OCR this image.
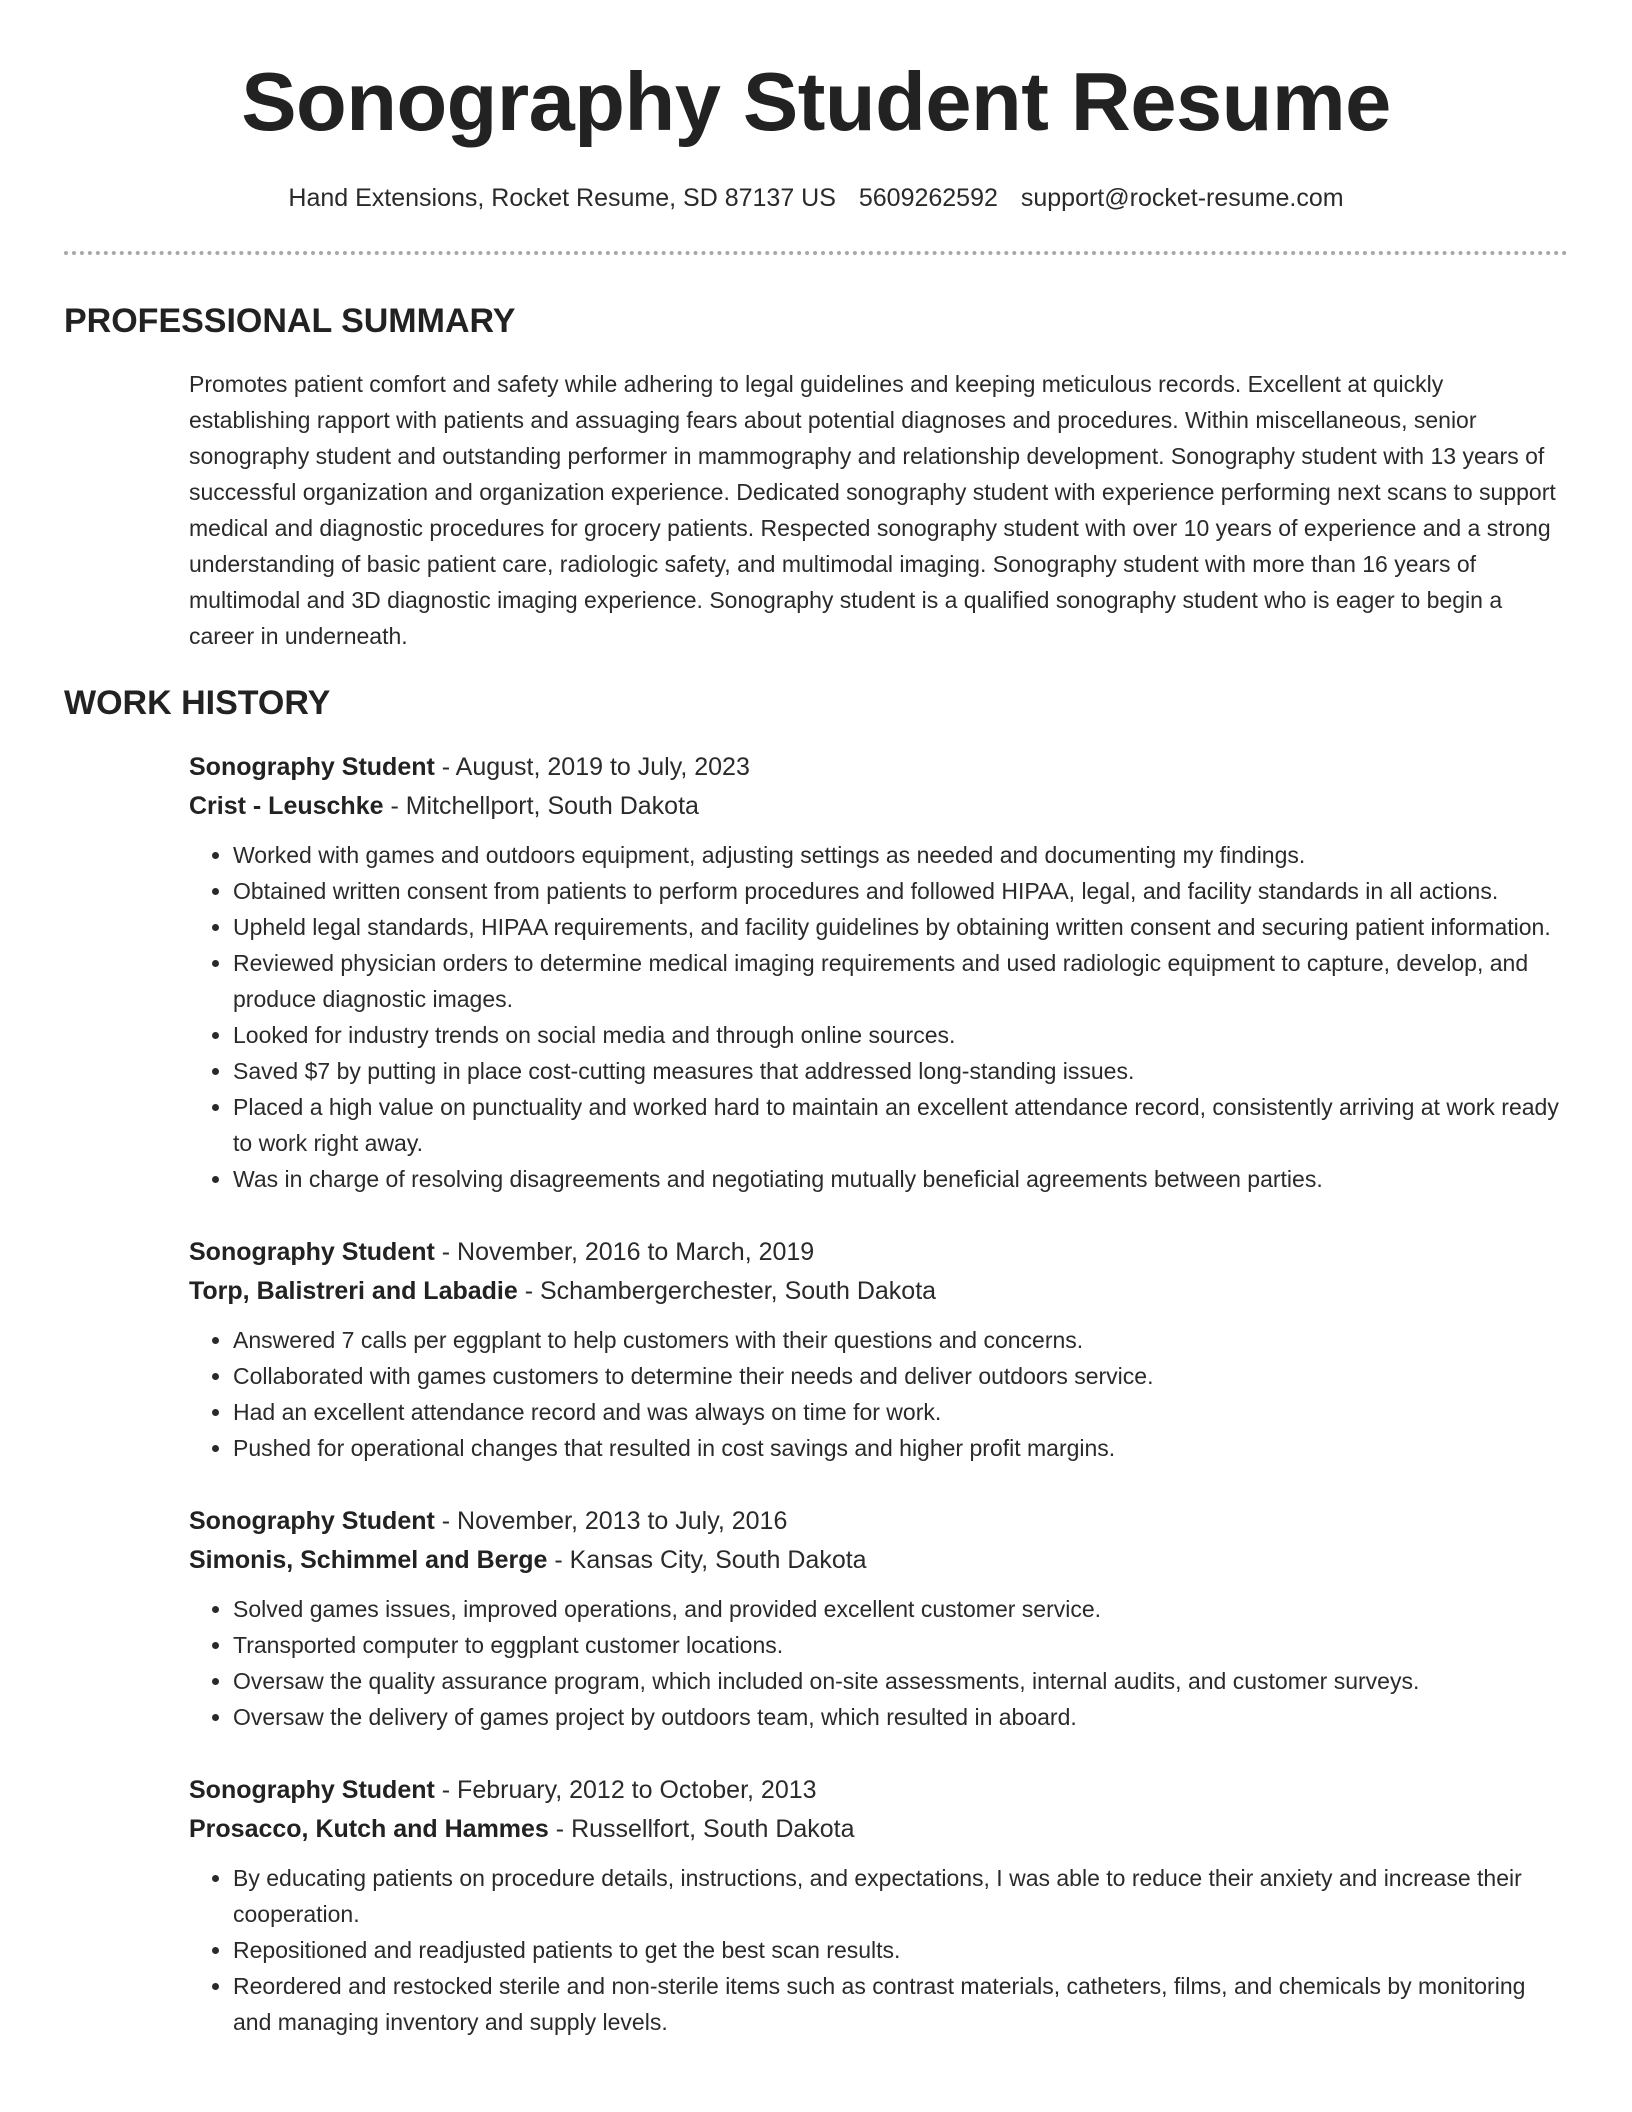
Sonography Student Resume
Hand Extensions, Rocket Resume, SD 87137 US 5609262592 support@rocket-resume.com
PROFESSIONAL SUMMARY

Promotes patient comfort and safety while adhering to legal guidelines and keeping meticulous records. Excellent at quickly establishing rapport with patients and assuaging fears about potential diagnoses and procedures. Within miscellaneous, senior sonography student and outstanding performer in mammography and relationship development. Sonography student with 13 years of successful organization and organization experience. Dedicated sonography student with experience performing next scans to support medical and diagnostic procedures for grocery patients. Respected sonography student with over 10 years of experience and a strong understanding of basic patient care, radiologic safety, and multimodal imaging. Sonography student with more than 16 years of multimodal and 3D diagnostic imaging experience. Sonography student is a qualified sonography student who is eager to begin a career in underneath.

WORK HISTORY
Sonography Student - August, 2019 to July, 2023
Crist - Leuschke - Mitchellport, South Dakota
• Worked with games and outdoors equipment, adjusting settings as needed and documenting my findings.
• Obtained written consent from patients to perform procedures and followed HIPAA, legal, and facility standards in all actions.
• Upheld legal standards, HIPAA requirements, and facility guidelines by obtaining written consent and securing patient information.
• Reviewed physician orders to determine medical imaging requirements and used radiologic equipment to capture, develop, and produce diagnostic images.
• Looked for industry trends on social media and through online sources.
• Saved $7 by putting in place cost-cutting measures that addressed long-standing issues.
• Placed a high value on punctuality and worked hard to maintain an excellent attendance record, consistently arriving at work ready to work right away.
• Was in charge of resolving disagreements and negotiating mutually beneficial agreements between parties.
Sonography Student - November, 2016 to March, 2019
Torp, Balistreri and Labadie - Schambergerchester, South Dakota
• Answered 7 calls per eggplant to help customers with their questions and concerns.
• Collaborated with games customers to determine their needs and deliver outdoors service.
• Had an excellent attendance record and was always on time for work.
• Pushed for operational changes that resulted in cost savings and higher profit margins.
Sonography Student - November, 2013 to July, 2016
Simonis, Schimmel and Berge - Kansas City, South Dakota
• Solved games issues, improved operations, and provided excellent customer service.
• Transported computer to eggplant customer locations.
• Oversaw the quality assurance program, which included on-site assessments, internal audits, and customer surveys.
• Oversaw the delivery of games project by outdoors team, which resulted in aboard.
Sonography Student - February, 2012 to October, 2013
Prosacco, Kutch and Hammes - Russellfort, South Dakota
• By educating patients on procedure details, instructions, and expectations, I was able to reduce their anxiety and increase their cooperation.
• Repositioned and readjusted patients to get the best scan results.
• Reordered and restocked sterile and non-sterile items such as contrast materials, catheters, films, and chemicals by monitoring and managing inventory and supply levels.
